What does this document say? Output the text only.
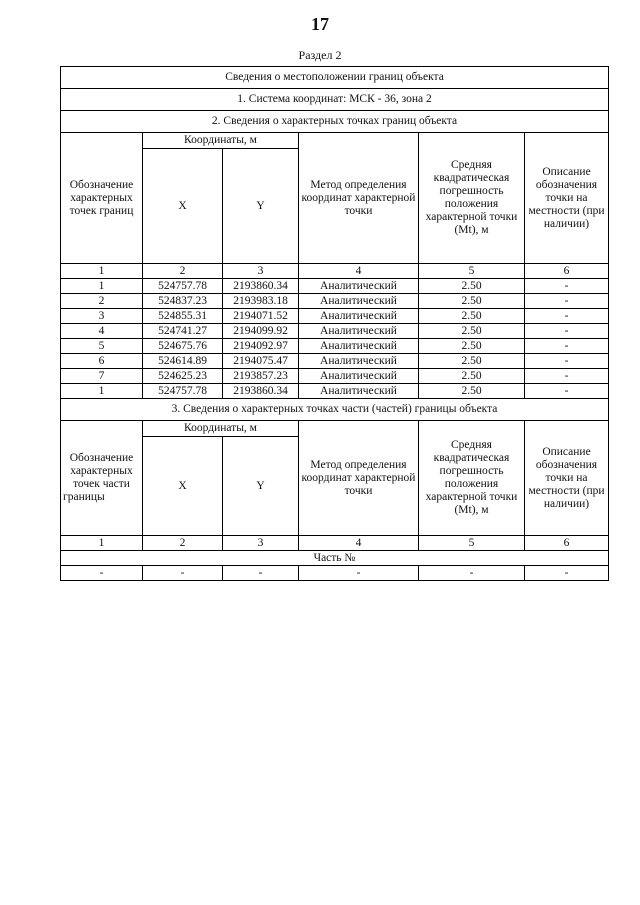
17
Раздел 2
Сведения о местоположении границ объекта					
1. Система координат: МСК - 36, зона 2					
2. Сведения о характерных точках границ объекта					
Обозначение характерных точек границ	Координаты, м		Метод определения координат характерной точки	Средняя квадратическая погрешность положения характерной точки (Mt), м	Описание обозначения точки на местности (при наличии)
	X	Y			
1	2	3	4	5	6
1	524757.78	2193860.34	Аналитический	2.50	-
2	524837.23	2193983.18	Аналитический	2.50	-
3	524855.31	2194071.52	Аналитический	2.50	-
4	524741.27	2194099.92	Аналитический	2.50	-
5	524675.76	2194092.97	Аналитический	2.50	-
6	524614.89	2194075.47	Аналитический	2.50	-
7	524625.23	2193857.23	Аналитический	2.50	-
1	524757.78	2193860.34	Аналитический	2.50	-
3. Сведения о характерных точках части (частей) границы объекта					
Обозначение характерных точек части границы	Координаты, м		Метод определения координат характерной точки	Средняя квадратическая погрешность положения характерной точки (Mt), м	Описание обозначения точки на местности (при наличии)
	X	Y			
1	2	3	4	5	6
Часть №					
-	-	-	-	-	-
